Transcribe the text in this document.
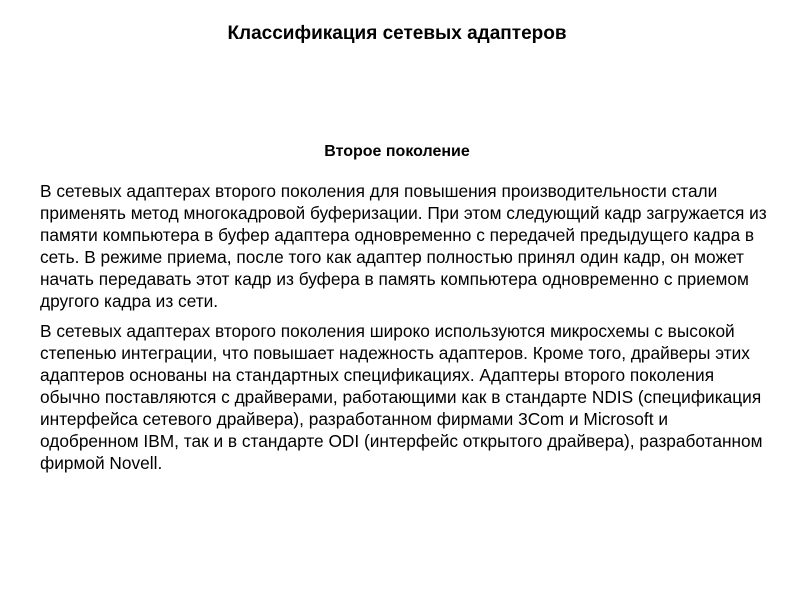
Классификация сетевых адаптеров
Второе поколение

В сетевых адаптерах второго поколения для повышения производительности стали применять метод многокадровой буферизации. При этом следующий кадр загружается из памяти компьютера в буфер адаптера одновременно с передачей предыдущего кадра в сеть. В режиме приема, после того как адаптер полностью принял один кадр, он может начать передавать этот кадр из буфера в память компьютера одновременно с приемом другого кадра из сети.

В сетевых адаптерах второго поколения широко используются микросхемы с высокой степенью интеграции, что повышает надежность адаптеров. Кроме того, драйверы этих адаптеров основаны на стандартных спецификациях. Адаптеры второго поколения обычно поставляются с драйверами, работающими как в стандарте NDIS (спецификация интерфейса сетевого драйвера), разработанном фирмами 3Com и Microsoft и одобренном IBM, так и в стандарте ODI (интерфейс открытого драйвера), разработанном фирмой Novell.
